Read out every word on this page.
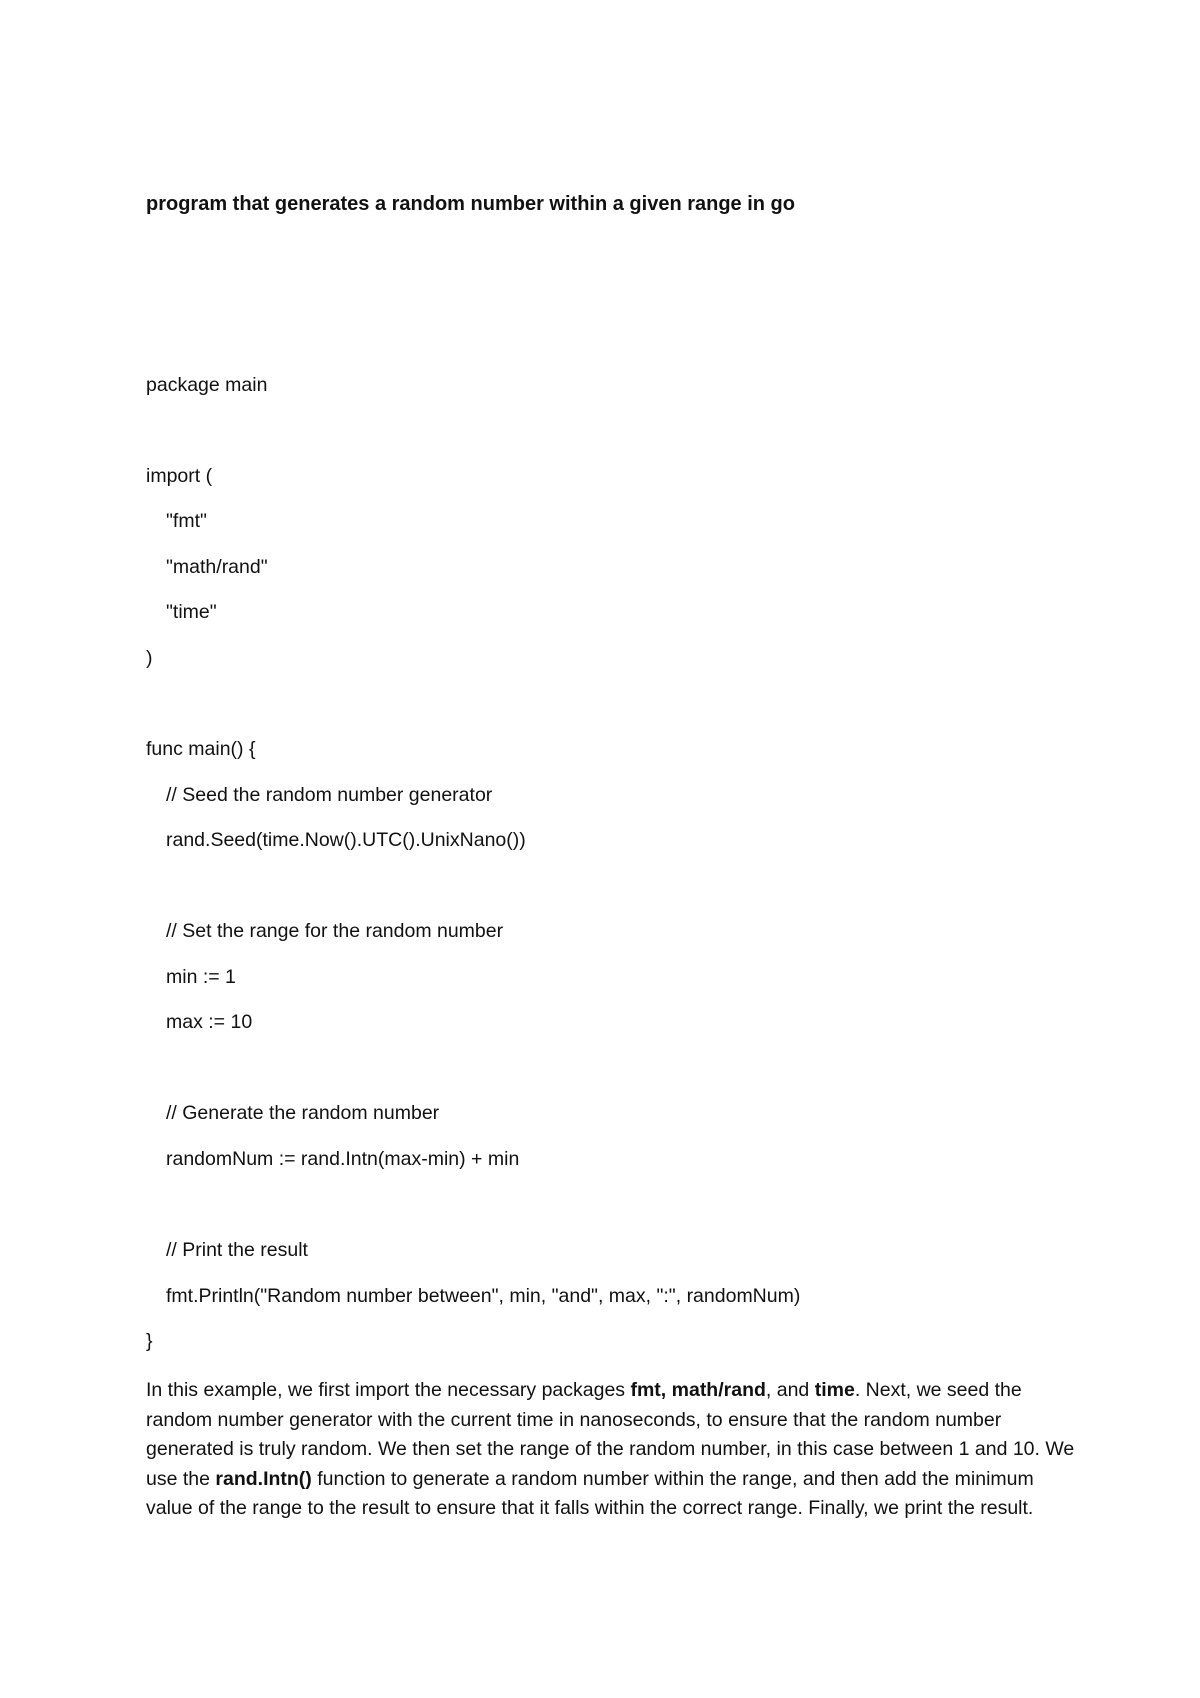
program that generates a random number within a given range in go
package main
import (
"fmt"
"math/rand"
"time"
)
func main() {
// Seed the random number generator
rand.Seed(time.Now().UTC().UnixNano())
// Set the range for the random number
min := 1
max := 10
// Generate the random number
randomNum := rand.Intn(max-min) + min
// Print the result
fmt.Println("Random number between", min, "and", max, ":", randomNum)
}
In this example, we first import the necessary packages fmt, math/rand, and time. Next, we seed the random number generator with the current time in nanoseconds, to ensure that the random number generated is truly random. We then set the range of the random number, in this case between 1 and 10. We use the rand.Intn() function to generate a random number within the range, and then add the minimum value of the range to the result to ensure that it falls within the correct range. Finally, we print the result.
